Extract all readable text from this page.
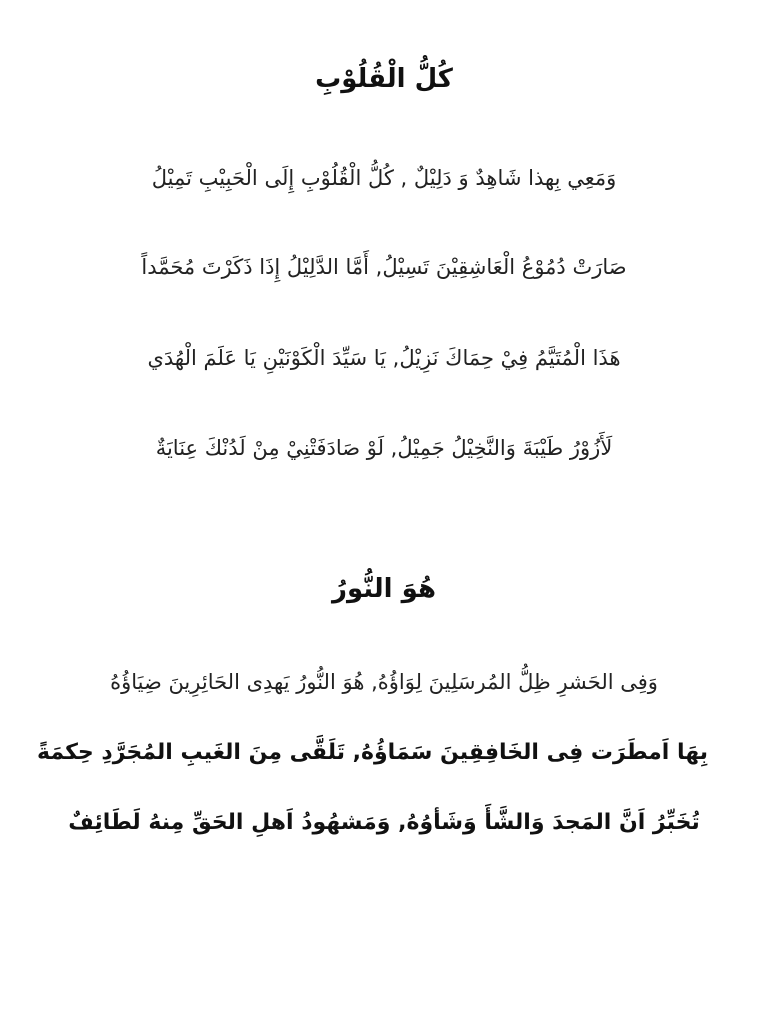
كُلُّ الْقُلُوْبِ
وَمَعِي بِهذا شَاهِدٌ وَ دَلِيْلٌ , كُلُّ الْقُلُوْبِ إِلَى الْحَبِيْبِ تَمِيْلُ
صَارَتْ دُمُوْعُ الْعَاشِقِيْنَ تَسِيْلُ, أَمَّا الدَّلِيْلُ إِذَا ذَكَرْتَ مُحَمَّداً
هَذَا الْمُتَيَّمُ فِيْ حِمَاكَ نَزِيْلُ, يَا سَيِّدَ الْكَوْنَيْنِ يَا عَلَمَ الْهُدَي
لَأَزُوْرُ طَيْبَةَ وَالنَّخِيْلُ جَمِيْلُ, لَوْ صَادَفَتْنِيْ مِنْ لَدُنْكَ عِنَايَةٌ
هُوَ النُّورُ
وَفِى الحَشرِ ظِلُّ المُرسَلِينَ لِوَاؤُهُ, هُوَ النُّورُ يَهدِى الحَائِرِينَ ضِيَاؤُهُ
بِهَا اَمطَرَت فِى الخَافِقِينَ سَمَاؤُهُ, تَلَقَّى مِنَ الغَيبِ المُجَرَّدِ حِكمَةً
تُخَبِّرُ اَنَّ المَجدَ وَالشَّأَ وَشَأوُهُ, وَمَشهُودُ اَهلِ الحَقِّ مِنهُ لَطَائِفٌ
